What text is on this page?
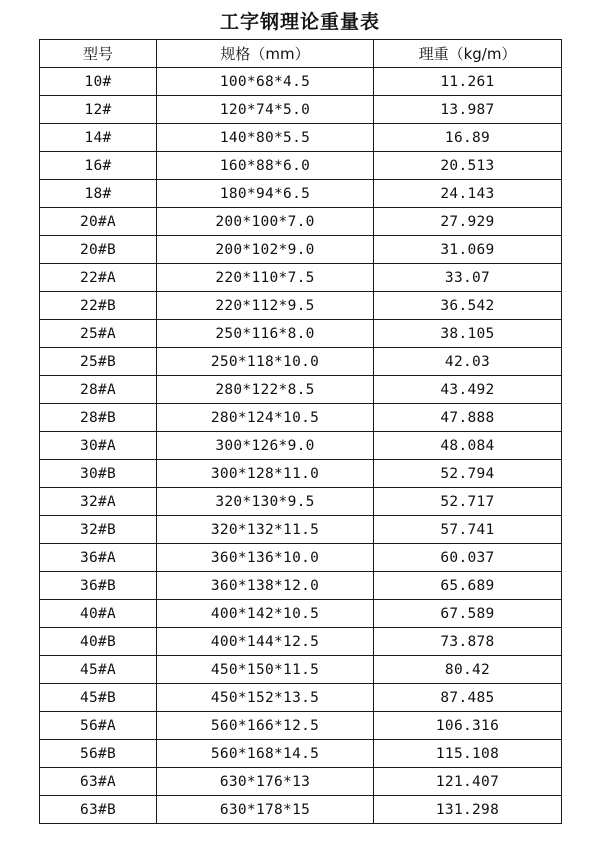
工字钢理论重量表
型号	规格（mm）	理重（kg/m）
10#	100*68*4.5	11.261
12#	120*74*5.0	13.987
14#	140*80*5.5	16.89
16#	160*88*6.0	20.513
18#	180*94*6.5	24.143
20#A	200*100*7.0	27.929
20#B	200*102*9.0	31.069
22#A	220*110*7.5	33.07
22#B	220*112*9.5	36.542
25#A	250*116*8.0	38.105
25#B	250*118*10.0	42.03
28#A	280*122*8.5	43.492
28#B	280*124*10.5	47.888
30#A	300*126*9.0	48.084
30#B	300*128*11.0	52.794
32#A	320*130*9.5	52.717
32#B	320*132*11.5	57.741
36#A	360*136*10.0	60.037
36#B	360*138*12.0	65.689
40#A	400*142*10.5	67.589
40#B	400*144*12.5	73.878
45#A	450*150*11.5	80.42
45#B	450*152*13.5	87.485
56#A	560*166*12.5	106.316
56#B	560*168*14.5	115.108
63#A	630*176*13	121.407
63#B	630*178*15	131.298
